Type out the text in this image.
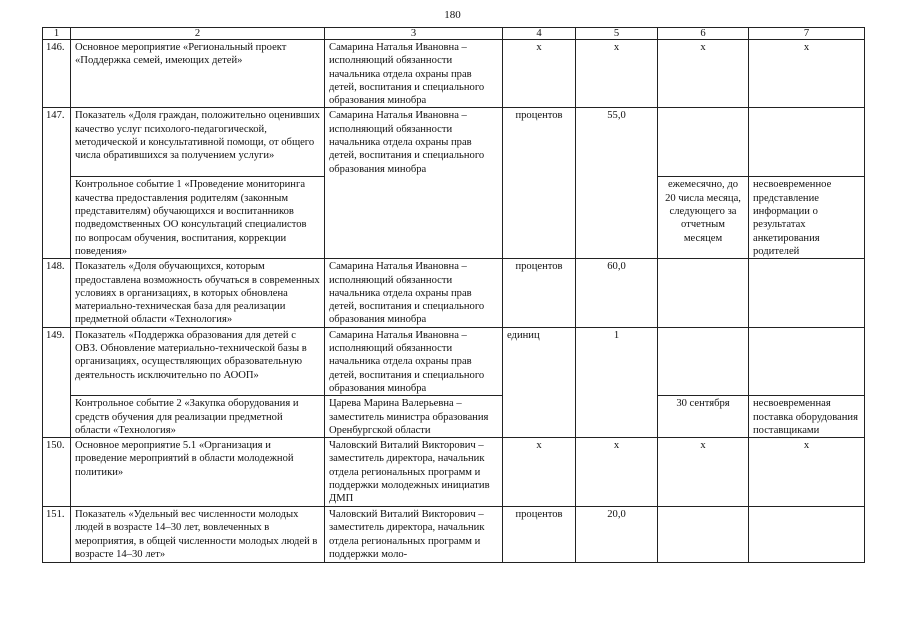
180
1	2	3	4	5	6	7
146.	Основное мероприятие «Региональный проект «Поддержка семей, имеющих детей»	Самарина Наталья Ивановна – исполняющий обязанности начальника отдела охраны прав детей, воспитания и специального образования минобра	х	х	х	х
147.	Показатель «Доля граждан, положительно оценивших качество услуг психолого-педагогической, методической и консультативной помощи, от общего числа обратившихся за получением услуги»	Самарина Наталья Ивановна – исполняющий обязанности начальника отдела охраны прав детей, воспитания и специального образования минобра	процентов	55,0		
	Контрольное событие 1 «Проведение мониторинга качества предоставления родителям (законным представителям) обучающихся и воспитанников подведомственных ОО консультаций специалистов по вопросам обучения, воспитания, коррекции поведения»				ежемесячно, до 20 числа месяца, следующего за отчетным месяцем	несвоевременное представление информации о результатах анкетирования родителей
148.	Показатель «Доля обучающихся, которым предоставлена возможность обучаться в современных условиях в организациях, в которых обновлена материально-техническая база для реализации предметной области «Технология»	Самарина Наталья Ивановна – исполняющий обязанности начальника отдела охраны прав детей, воспитания и специального образования минобра	процентов	60,0		
149.	Показатель «Поддержка образования для детей с ОВЗ. Обновление материально-технической базы в организациях, осуществляющих образовательную деятельность исключительно по АООП»	Самарина Наталья Ивановна – исполняющий обязанности начальника отдела охраны прав детей, воспитания и специального образования минобра	единиц	1		
	Контрольное событие 2 «Закупка оборудования и средств обучения для реализации предметной области «Технология»	Царева Марина Валерьевна – заместитель министра образования Оренбургской области			30 сентября	несвоевременная поставка оборудования поставщиками
150.	Основное мероприятие 5.1 «Организация и проведение мероприятий в области молодежной политики»	Чаловский Виталий Викторович – заместитель директора, начальник отдела региональных программ и поддержки молодежных инициатив ДМП	х	х	х	х
151.	Показатель «Удельный вес численности молодых людей в возрасте 14–30 лет, вовлеченных в мероприятия, в общей численности молодых людей в возрасте 14–30 лет»	Чаловский Виталий Викторович – заместитель директора, начальник отдела региональных программ и поддержки моло-	процентов	20,0		
